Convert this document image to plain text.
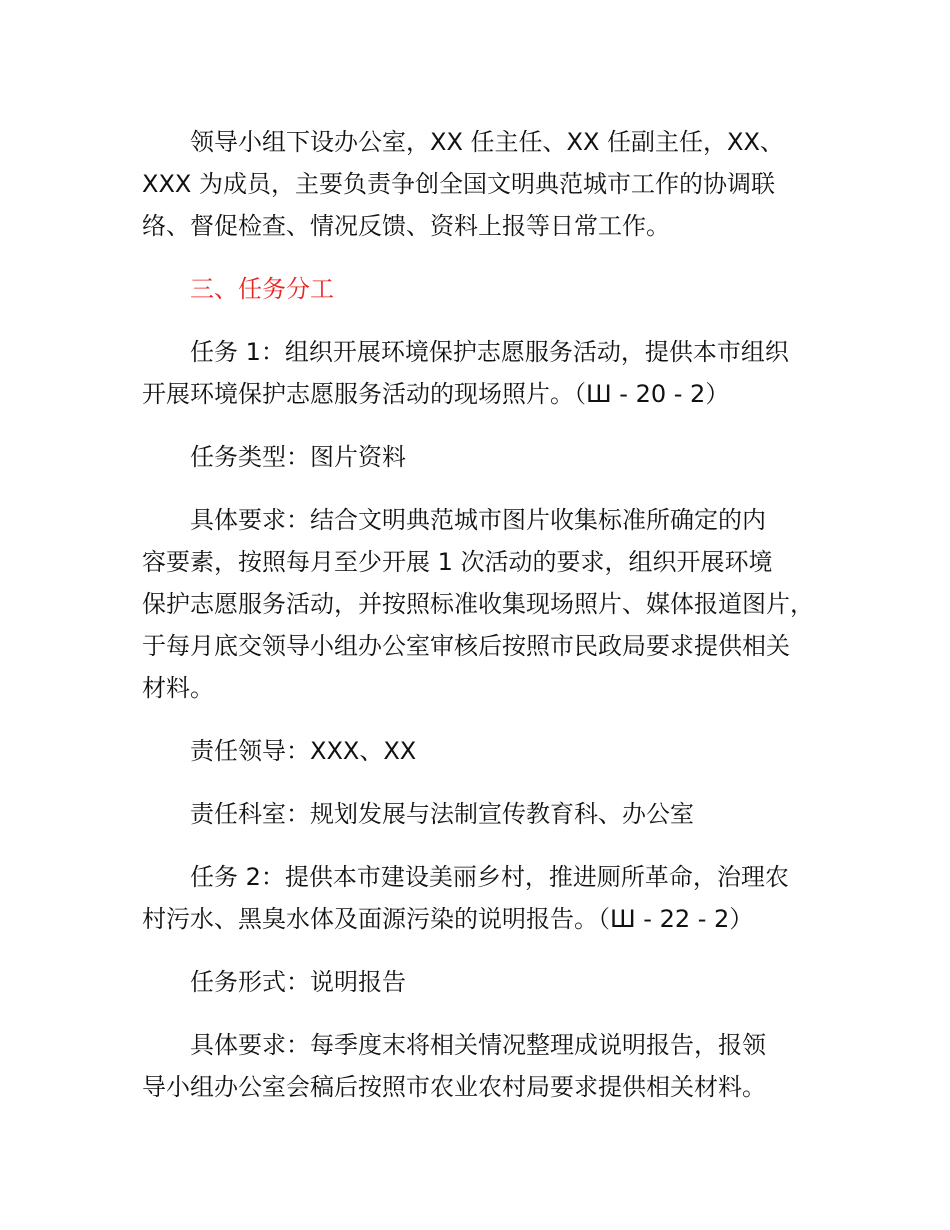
领导小组下设办公室，XX 任主任、XX 任副主任，XX、
XXX 为成员，主要负责争创全国文明典范城市工作的协调联
络、督促检查、情况反馈、资料上报等日常工作。
三、任务分工
任务 1：组织开展环境保护志愿服务活动，提供本市组织
开展环境保护志愿服务活动的现场照片。（Ш - 20 - 2）
任务类型：图片资料
具体要求：结合文明典范城市图片收集标准所确定的内
容要素，按照每月至少开展 1 次活动的要求，组织开展环境
保护志愿服务活动，并按照标准收集现场照片、媒体报道图片，
于每月底交领导小组办公室审核后按照市民政局要求提供相关
材料。
责任领导：XXX、XX
责任科室：规划发展与法制宣传教育科、办公室
任务 2：提供本市建设美丽乡村，推进厕所革命，治理农
村污水、黑臭水体及面源污染的说明报告。（Ш - 22 - 2）
任务形式：说明报告
具体要求：每季度末将相关情况整理成说明报告，报领
导小组办公室会稿后按照市农业农村局要求提供相关材料。
